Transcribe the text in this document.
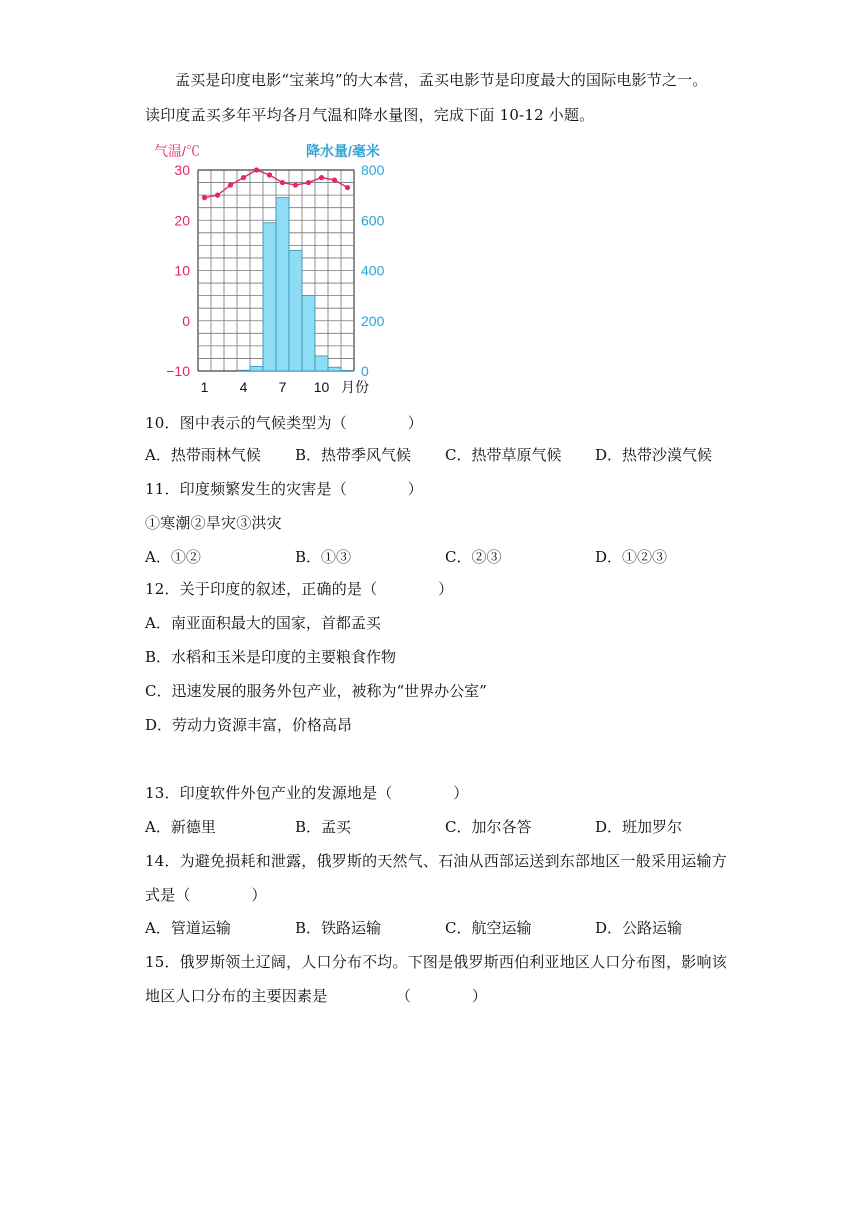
孟买是印度电影“宝莱坞”的大本营，孟买电影节是印度最大的国际电影节之一。
读印度孟买多年平均各月气温和降水量图，完成下面 10-12 小题。
气温/℃	降水量/毫米
30
20
10
0
−10
800
600
400
200
0
1 4 7 10 月份
10．图中表示的气候类型为（　　　　）
A．热带雨林气候 B．热带季风气候 C．热带草原气候 D．热带沙漠气候
11．印度频繁发生的灾害是（　　　　）
①寒潮②旱灾③洪灾
A．①②	B．①③	C．②③	D．①②③
12．关于印度的叙述，正确的是（　　　　）
A．南亚面积最大的国家，首都孟买
B．水稻和玉米是印度的主要粮食作物
C．迅速发展的服务外包产业，被称为“世界办公室”
D．劳动力资源丰富，价格高昂
13．印度软件外包产业的发源地是（　　　　）
A．新德里	B．孟买	C．加尔各答	D．班加罗尔
14．为避免损耗和泄露，俄罗斯的天然气、石油从西部运送到东部地区一般采用运输方
式是（　　　　）
A．管道运输	B．铁路运输	C．航空运输	D．公路运输
15．俄罗斯领土辽阔，人口分布不均。下图是俄罗斯西伯利亚地区人口分布图，影响该
地区人口分布的主要因素是　　　　　（　　　　）
